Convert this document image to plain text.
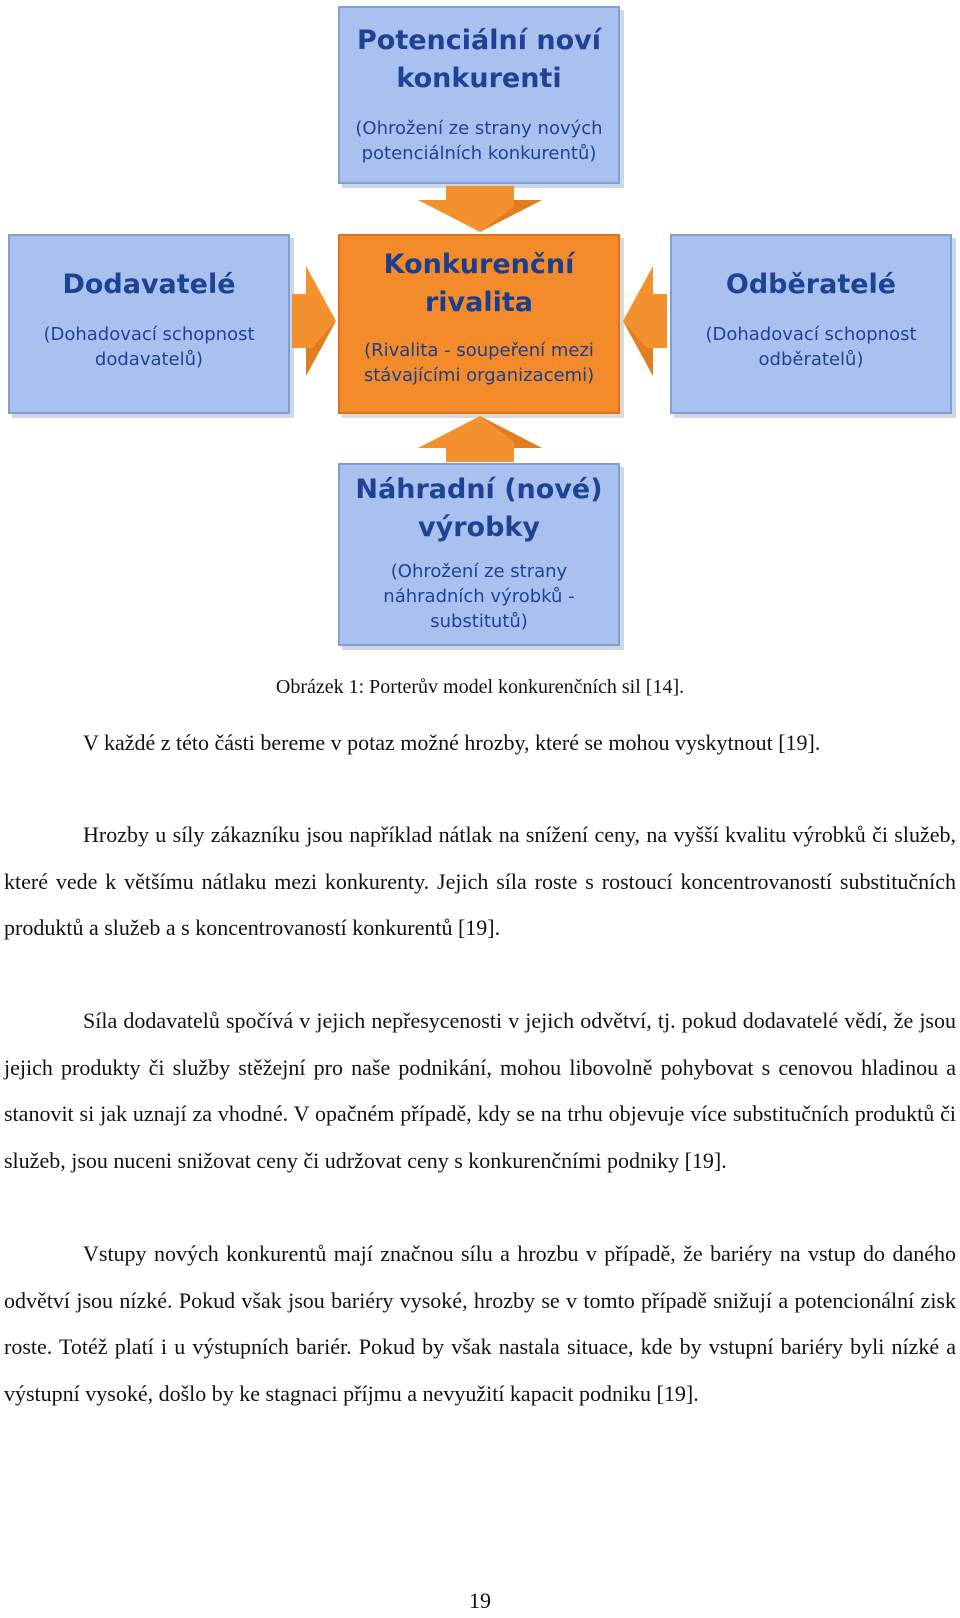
Potenciální noví
konkurenti
(Ohrožení ze strany nových
potenciálních konkurentů)
Dodavatelé
(Dohadovací schopnost
dodavatelů)
Konkurenční
rivalita
(Rivalita - soupeření mezi
stávajícími organizacemi)
Odběratelé
(Dohadovací schopnost
odběratelů)
Náhradní (nové)
výrobky
(Ohrožení ze strany
náhradních výrobků -
substitutů)
Obrázek 1: Porterův model konkurenčních sil [14].

V každé z této části bereme v potaz možné hrozby, které se mohou vyskytnout [19].

Hrozby u síly zákazníku jsou například nátlak na snížení ceny, na vyšší kvalitu výrobků či služeb, které vede k většímu nátlaku mezi konkurenty. Jejich síla roste s rostoucí koncentrovaností substitučních produktů a služeb a s koncentrovaností konkurentů [19].

Síla dodavatelů spočívá v jejich nepřesycenosti v jejich odvětví, tj. pokud dodavatelé vědí, že jsou jejich produkty či služby stěžejní pro naše podnikání, mohou libovolně pohybovat s cenovou hladinou a stanovit si jak uznají za vhodné. V opačném případě, kdy se na trhu objevuje více substitučních produktů či služeb, jsou nuceni snižovat ceny či udržovat ceny s konkurenčními podniky [19].

Vstupy nových konkurentů mají značnou sílu a hrozbu v případě, že bariéry na vstup do daného odvětví jsou nízké. Pokud však jsou bariéry vysoké, hrozby se v tomto případě snižují a potencionální zisk roste. Totéž platí i u výstupních bariér. Pokud by však nastala situace, kde by vstupní bariéry byli nízké a výstupní vysoké, došlo by ke stagnaci příjmu a nevyužití kapacit podniku [19].

19
